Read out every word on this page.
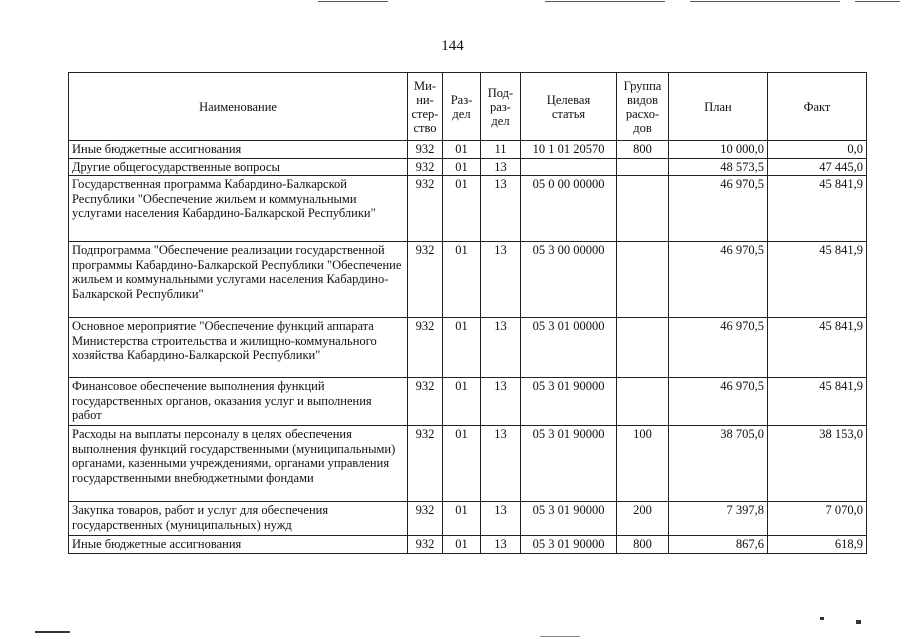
144
Наименование	Ми-
ни-
стер-
ство	Раз-
дел	Под-
раз-
дел	Целевая
статья	Группа
видов
расхо-
дов	План	Факт
Иные бюджетные ассигнования	932	01	11	10 1 01 20570	800	10 000,0	0,0
Другие общегосударственные вопросы	932	01	13			48 573,5	47 445,0
Государственная программа Кабардино-Балкарской Республики "Обеспечение жильем и коммунальными услугами населения Кабардино-Балкарской Республики"	932	01	13	05 0 00 00000		46 970,5	45 841,9
Подпрограмма "Обеспечение реализации государственной программы Кабардино-Балкарской Республики "Обеспечение жильем и коммунальными услугами населения Кабардино-Балкарской Республики"	932	01	13	05 3 00 00000		46 970,5	45 841,9
Основное мероприятие "Обеспечение функций аппарата Министерства строительства и жилищно-коммунального хозяйства Кабардино-Балкарской Республики"	932	01	13	05 3 01 00000		46 970,5	45 841,9
Финансовое обеспечение выполнения функций государственных органов, оказания услуг и выполнения работ	932	01	13	05 3 01 90000		46 970,5	45 841,9
Расходы на выплаты персоналу в целях обеспечения выполнения функций государственными (муниципальными) органами, казенными учреждениями, органами управления государственными внебюджетными фондами	932	01	13	05 3 01 90000	100	38 705,0	38 153,0
Закупка товаров, работ и услуг для обеспечения государственных (муниципальных) нужд	932	01	13	05 3 01 90000	200	7 397,8	7 070,0
Иные бюджетные ассигнования	932	01	13	05 3 01 90000	800	867,6	618,9
